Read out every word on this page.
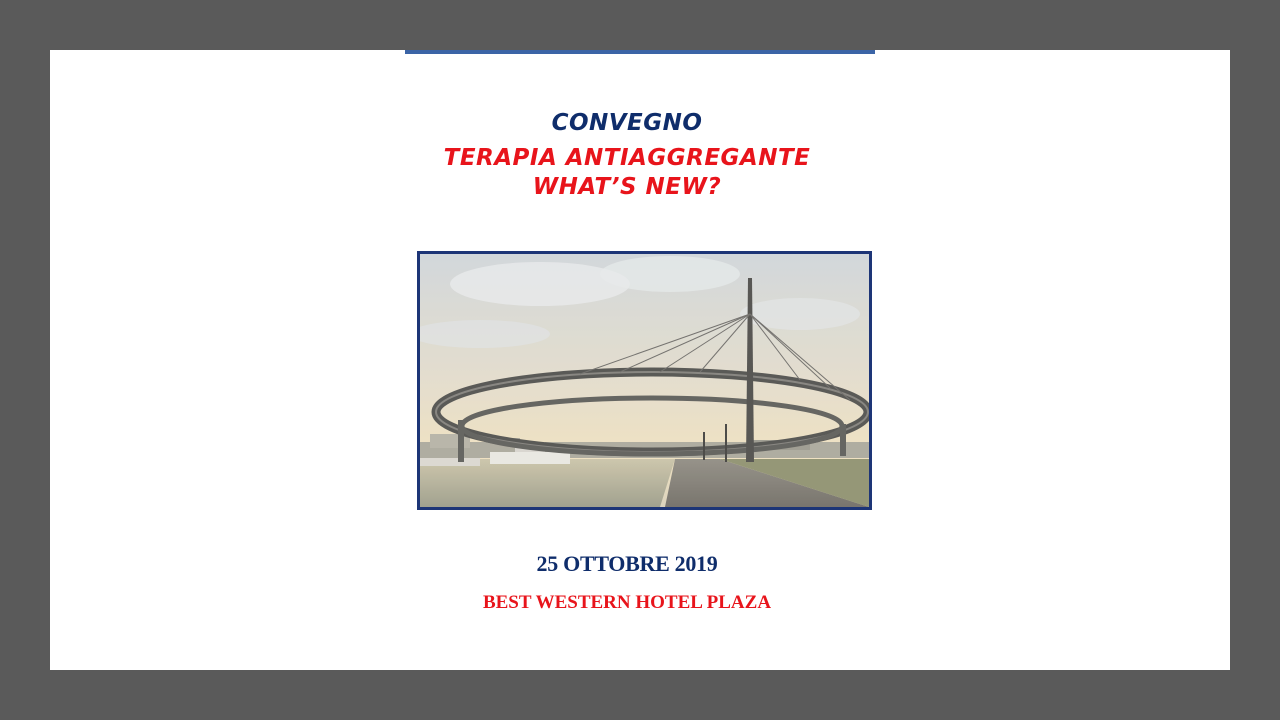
CONVEGNO
TERAPIA ANTIAGGREGANTE
WHAT’S NEW?
25 OTTOBRE 2019
BEST WESTERN HOTEL PLAZA
